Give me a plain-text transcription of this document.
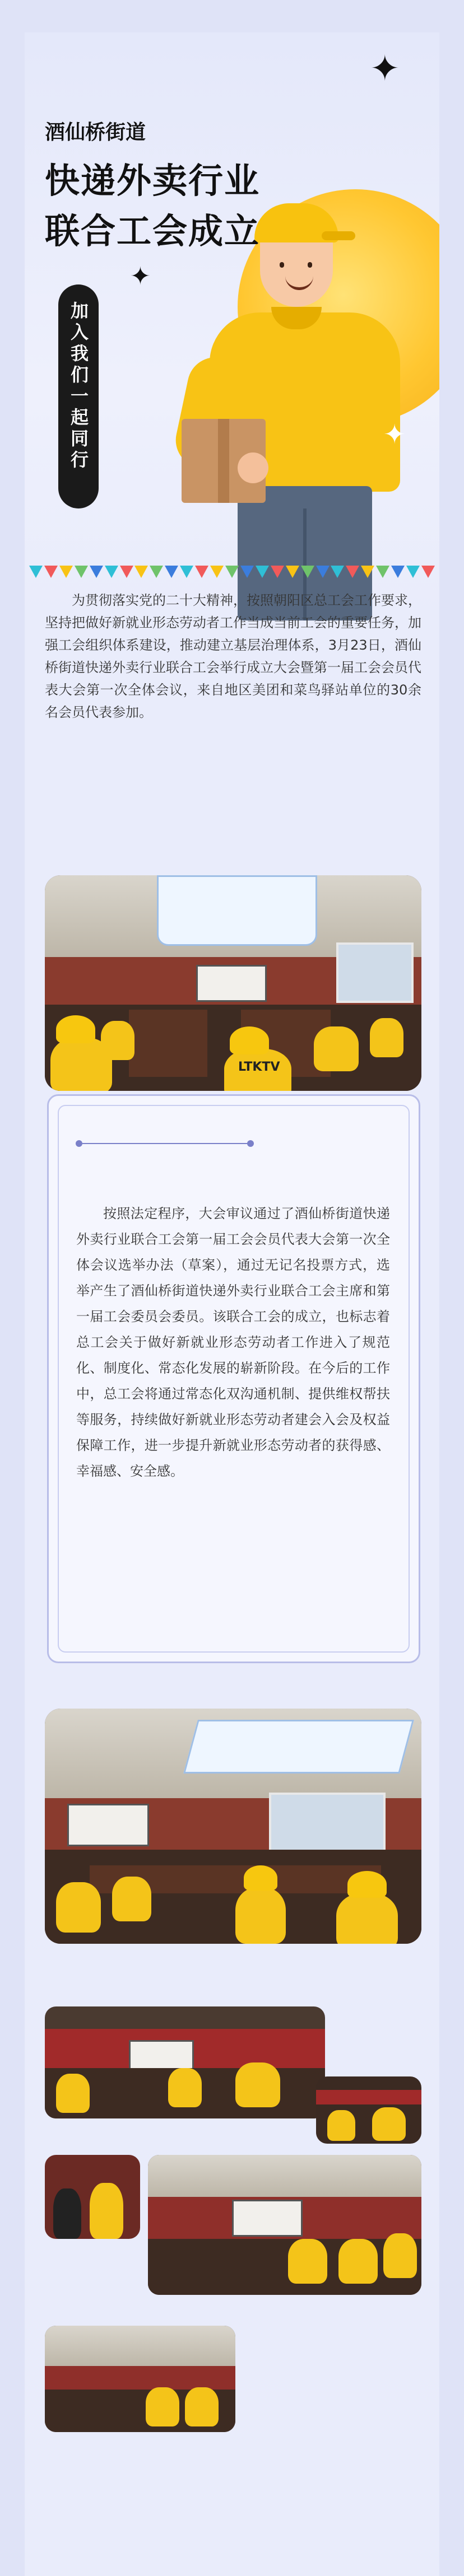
✦
✦
✦
酒仙桥街道
快递外卖行业
联合工会成立
加入我们一起同行
为贯彻落实党的二十大精神，按照朝阳区总工会工作要求，坚持把做好新就业形态劳动者工作当成当前工会的重要任务，加强工会组织体系建设，推动建立基层治理体系，3月23日，酒仙桥街道快递外卖行业联合工会举行成立大会暨第一届工会会员代表大会第一次全体会议，来自地区美团和菜鸟驿站单位的30余名会员代表参加。
LTKTV
按照法定程序，大会审议通过了酒仙桥街道快递外卖行业联合工会第一届工会会员代表大会第一次全体会议选举办法（草案），通过无记名投票方式，选举产生了酒仙桥街道快递外卖行业联合工会主席和第一届工会委员会委员。该联合工会的成立，也标志着总工会关于做好新就业形态劳动者工作进入了规范化、制度化、常态化发展的崭新阶段。在今后的工作中，总工会将通过常态化双沟通机制、提供维权帮扶等服务，持续做好新就业形态劳动者建会入会及权益保障工作，进一步提升新就业形态劳动者的获得感、幸福感、安全感。
